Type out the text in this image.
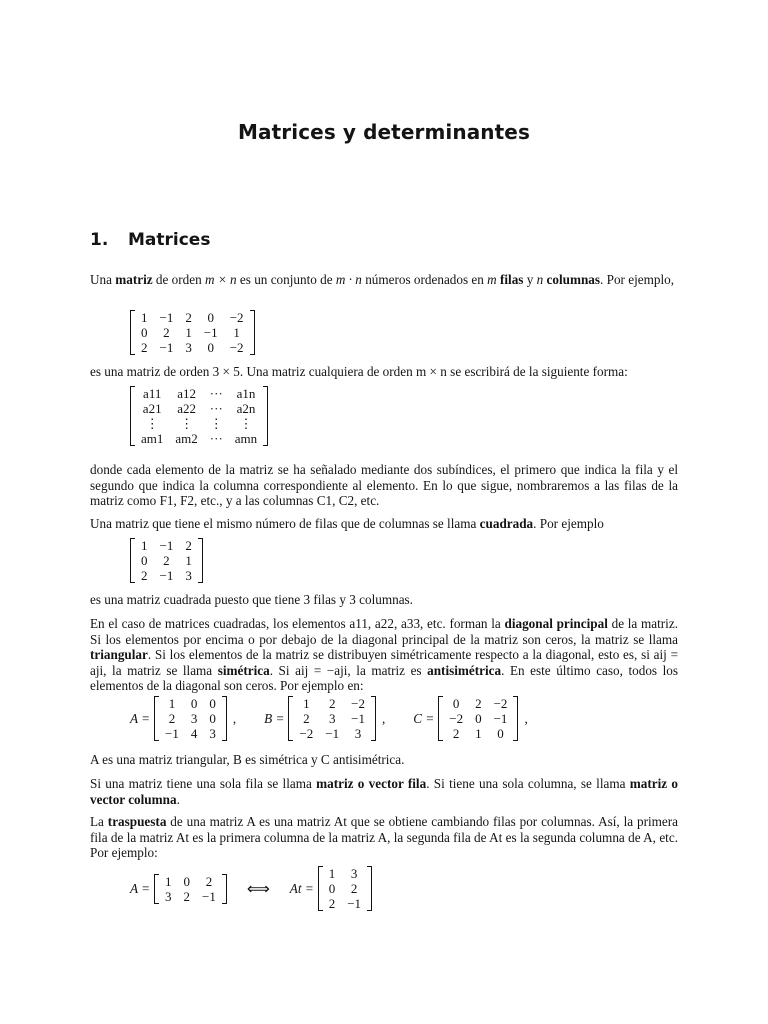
Matrices y determinantes
1. Matrices
Una matriz de orden m × n es un conjunto de m · n números ordenados en m filas y n columnas. Por ejemplo,
1	−1	2	0	−2
0	2	1	−1	1
2	−1	3	0	−2
es una matriz de orden 3 × 5. Una matriz cualquiera de orden m × n se escribirá de la siguiente forma:
a11	a12	···	a1n
a21	a22	···	a2n
⋮	⋮	⋮	⋮
am1	am2	···	amn
donde cada elemento de la matriz se ha señalado mediante dos subíndices, el primero que indica la fila y el segundo que indica la columna correspondiente al elemento. En lo que sigue, nombraremos a las filas de la matriz como F1, F2, etc., y a las columnas C1, C2, etc.
Una matriz que tiene el mismo número de filas que de columnas se llama cuadrada. Por ejemplo
1	−1	2
0	2	1
2	−1	3
es una matriz cuadrada puesto que tiene 3 filas y 3 columnas.
En el caso de matrices cuadradas, los elementos a11, a22, a33, etc. forman la diagonal principal de la matriz. Si los elementos por encima o por debajo de la diagonal principal de la matriz son ceros, la matriz se llama triangular. Si los elementos de la matriz se distribuyen simétricamente respecto a la diagonal, esto es, si aij = aji, la matriz se llama simétrica. Si aij = −aji, la matriz es antisimétrica. En este último caso, todos los elementos de la diagonal son ceros. Por ejemplo en:
A =
1	0	0
2	3	0
−1	4	3
, B =
1	2	−2
2	3	−1
−2	−1	3
, C =
0	2	−2
−2	0	−1
2	1	0
,
A es una matriz triangular, B es simétrica y C antisimétrica.
Si una matriz tiene una sola fila se llama matriz o vector fila. Si tiene una sola columna, se llama matriz o vector columna.
La traspuesta de una matriz A es una matriz At que se obtiene cambiando filas por columnas. Así, la primera fila de la matriz At es la primera columna de la matriz A, la segunda fila de At es la segunda columna de A, etc. Por ejemplo:
A = 1	0	2
3	2	−1 ⟺ At =
1	3
0	2
2	−1
